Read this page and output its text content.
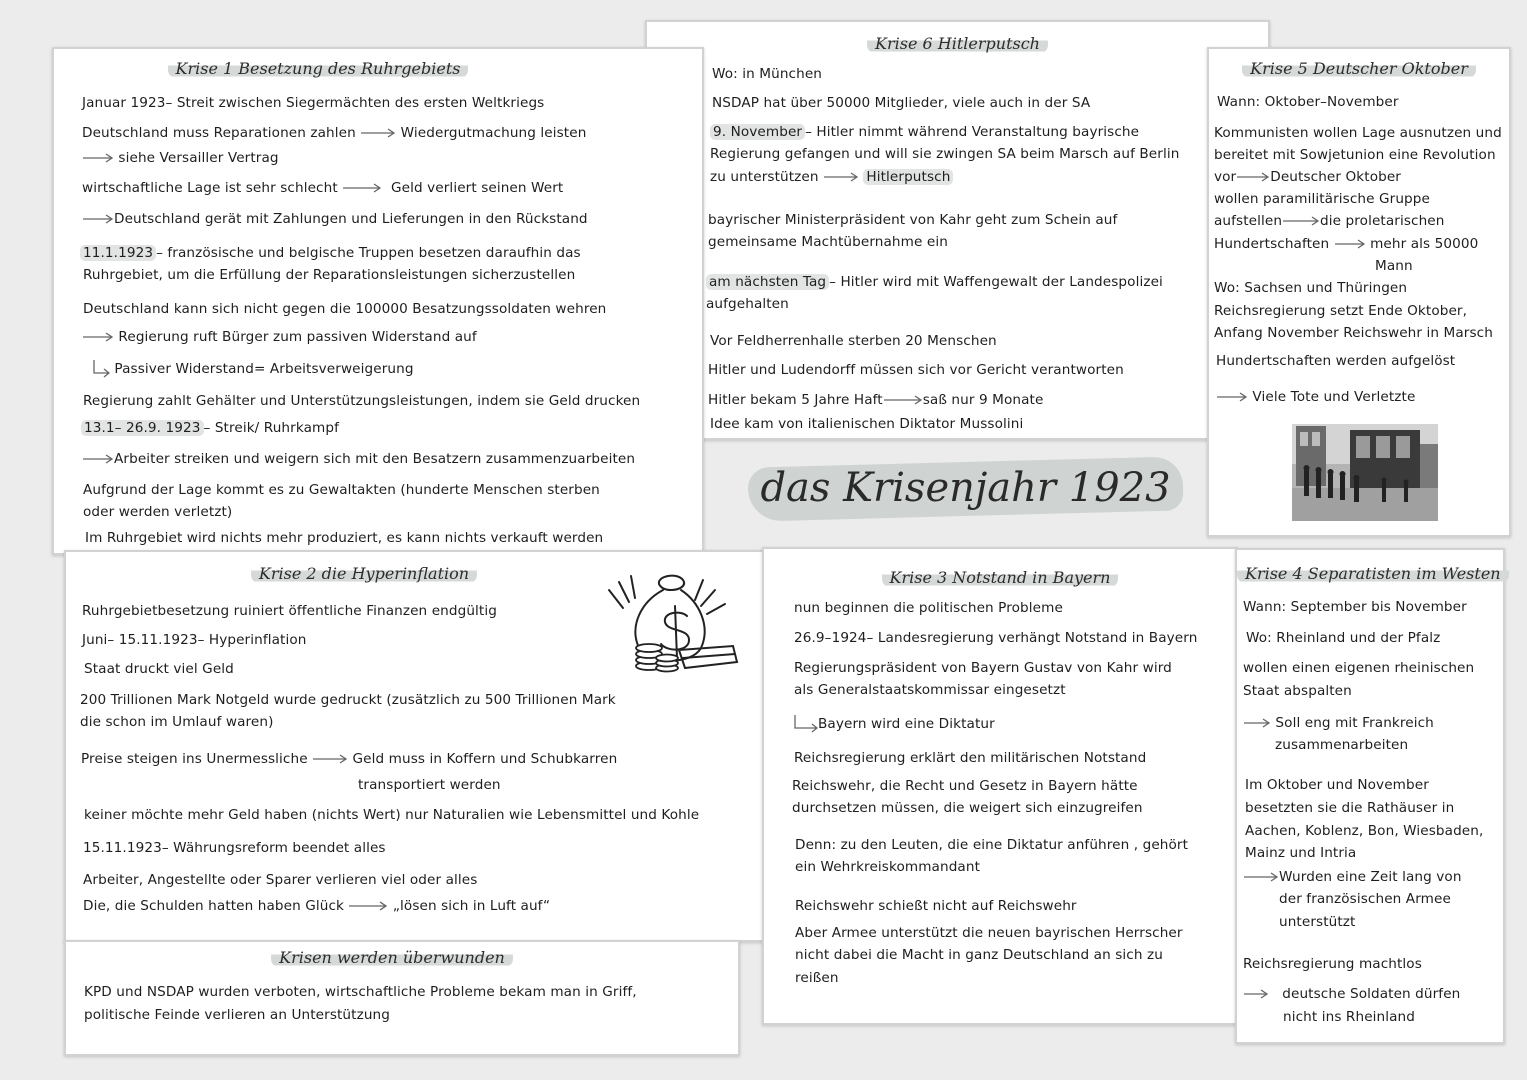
Krise 6 Hitlerputsch
Wo: in München
NSDAP hat über 50000 Mitglieder, viele auch in der SA
9. November – Hitler nimmt während Veranstaltung bayrische
Regierung gefangen und will sie zwingen SA beim Marsch auf Berlin
zu unterstützen	Hitlerputsch
bayrischer Ministerpräsident von Kahr geht zum Schein auf
gemeinsame Machtübernahme ein
am nächsten Tag – Hitler wird mit Waffengewalt der Landespolizei
aufgehalten
Vor Feldherrenhalle sterben 20 Menschen
Hitler und Ludendorff müssen sich vor Gericht verantworten
Hitler bekam 5 Jahre Haft	saß nur 9 Monate
Idee kam von italienischen Diktator Mussolini
Krise 1 Besetzung des Ruhrgebiets
Januar 1923– Streit zwischen Siegermächten des ersten Weltkriegs
Deutschland muss Reparationen zahlen	Wiedergutmachung leisten
siehe Versailler Vertrag
wirtschaftliche Lage ist sehr schlecht	Geld verliert seinen Wert
Deutschland gerät mit Zahlungen und Lieferungen in den Rückstand
11.1.1923 – französische und belgische Truppen besetzen daraufhin das
Ruhrgebiet, um die Erfüllung der Reparationsleistungen sicherzustellen
Deutschland kann sich nicht gegen die 100000 Besatzungssoldaten wehren
Regierung ruft Bürger zum passiven Widerstand auf
Passiver Widerstand= Arbeitsverweigerung
Regierung zahlt Gehälter und Unterstützungsleistungen, indem sie Geld drucken
13.1– 26.9. 1923 – Streik/ Ruhrkampf
Arbeiter streiken und weigern sich mit den Besatzern zusammenzuarbeiten
Aufgrund der Lage kommt es zu Gewaltakten (hunderte Menschen sterben
oder werden verletzt)
Im Ruhrgebiet wird nichts mehr produziert, es kann nichts verkauft werden
Krise 5 Deutscher Oktober
Wann: Oktober–November
Kommunisten wollen Lage ausnutzen und
bereitet mit Sowjetunion eine Revolution
vor	Deutscher Oktober
wollen paramilitärische Gruppe
aufstellen	die proletarischen
Hundertschaften	mehr als 50000
Mann
Wo: Sachsen und Thüringen
Reichsregierung setzt Ende Oktober,
Anfang November Reichswehr in Marsch
Hundertschaften werden aufgelöst
Viele Tote und Verletzte
das Krisenjahr 1923
Krise 2 die Hyperinflation
Ruhrgebietbesetzung ruiniert öffentliche Finanzen endgültig
Juni– 15.11.1923– Hyperinflation
Staat druckt viel Geld
200 Trillionen Mark Notgeld wurde gedruckt (zusätzlich zu 500 Trillionen Mark
die schon im Umlauf waren)
Preise steigen ins Unermessliche	Geld muss in Koffern und Schubkarren
transportiert werden
keiner möchte mehr Geld haben (nichts Wert) nur Naturalien wie Lebensmittel und Kohle
15.11.1923– Währungsreform beendet alles
Arbeiter, Angestellte oder Sparer verlieren viel oder alles
Die, die Schulden hatten haben Glück	„lösen sich in Luft auf“
Krisen werden überwunden
KPD und NSDAP wurden verboten, wirtschaftliche Probleme bekam man in Griff,
politische Feinde verlieren an Unterstützung
Krise 3 Notstand in Bayern
nun beginnen die politischen Probleme
26.9–1924– Landesregierung verhängt Notstand in Bayern
Regierungspräsident von Bayern Gustav von Kahr wird
als Generalstaatskommissar eingesetzt
Bayern wird eine Diktatur
Reichsregierung erklärt den militärischen Notstand
Reichswehr, die Recht und Gesetz in Bayern hätte
durchsetzen müssen, die weigert sich einzugreifen
Denn: zu den Leuten, die eine Diktatur anführen , gehört
ein Wehrkreiskommandant
Reichswehr schießt nicht auf Reichswehr
Aber Armee unterstützt die neuen bayrischen Herrscher
nicht dabei die Macht in ganz Deutschland an sich zu
reißen
Krise 4 Separatisten im Westen
Wann: September bis November
Wo: Rheinland und der Pfalz
wollen einen eigenen rheinischen
Staat abspalten
Soll eng mit Frankreich
zusammenarbeiten
Im Oktober und November
besetzten sie die Rathäuser in
Aachen, Koblenz, Bon, Wiesbaden,
Mainz und Intria
Wurden eine Zeit lang von
der französischen Armee
unterstützt
Reichsregierung machtlos
deutsche Soldaten dürfen
nicht ins Rheinland
